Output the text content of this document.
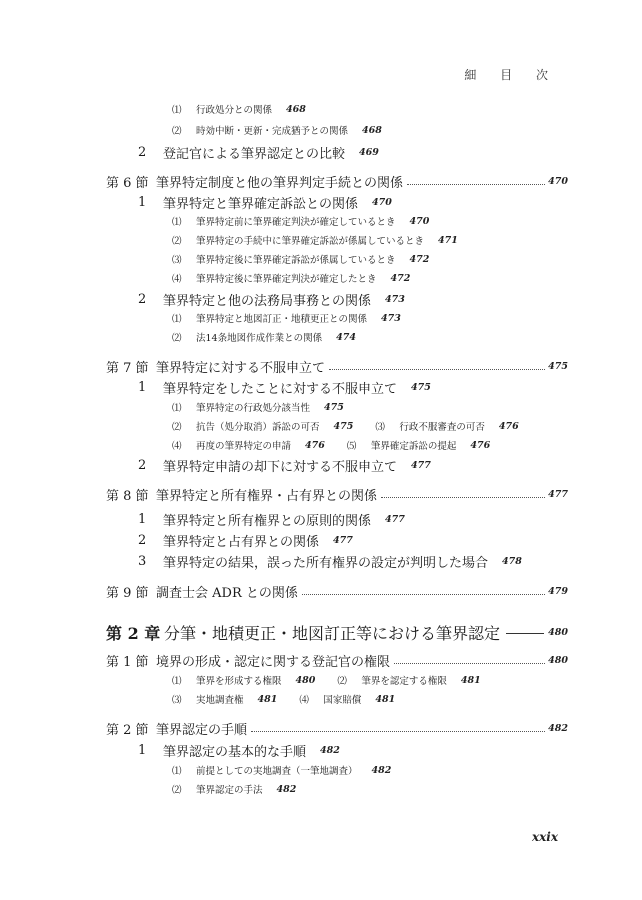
細 目 次
⑴	行政処分との関係 468
⑵	時効中断・更新・完成猶予との関係 468
2	登記官による筆界認定との比較 469
第 6 節 筆界特定制度と他の筆界判定手続との関係	470
1	筆界特定と筆界確定訴訟との関係 470
⑴	筆界特定前に筆界確定判決が確定しているとき 470
⑵	筆界特定の手続中に筆界確定訴訟が係属しているとき 471
⑶	筆界特定後に筆界確定訴訟が係属しているとき 472
⑷	筆界特定後に筆界確定判決が確定したとき 472
2	筆界特定と他の法務局事務との関係 473
⑴	筆界特定と地図訂正・地積更正との関係 473
⑵	法14条地図作成作業との関係 474
第 7 節 筆界特定に対する不服申立て	475
1	筆界特定をしたことに対する不服申立て 475
⑴	筆界特定の行政処分該当性 475
⑵	抗告（処分取消）訴訟の可否 475 ⑶	行政不服審査の可否 476
⑷	再度の筆界特定の申請 476 ⑸	筆界確定訴訟の提起 476
2	筆界特定申請の却下に対する不服申立て 477
第 8 節 筆界特定と所有権界・占有界との関係	477
1	筆界特定と所有権界との原則的関係 477
2	筆界特定と占有界との関係 477
3	筆界特定の結果，誤った所有権界の設定が判明した場合 478
第 9 節 調査士会 ADR との関係	479
第 2 章 分筆・地積更正・地図訂正等における筆界認定	480
第 1 節 境界の形成・認定に関する登記官の権限	480
⑴	筆界を形成する権限 480 ⑵	筆界を認定する権限 481
⑶	実地調査権 481 ⑷	国家賠償 481
第 2 節 筆界認定の手順	482
1	筆界認定の基本的な手順 482
⑴	前提としての実地調査（一筆地調査） 482
⑵	筆界認定の手法 482
xxix
